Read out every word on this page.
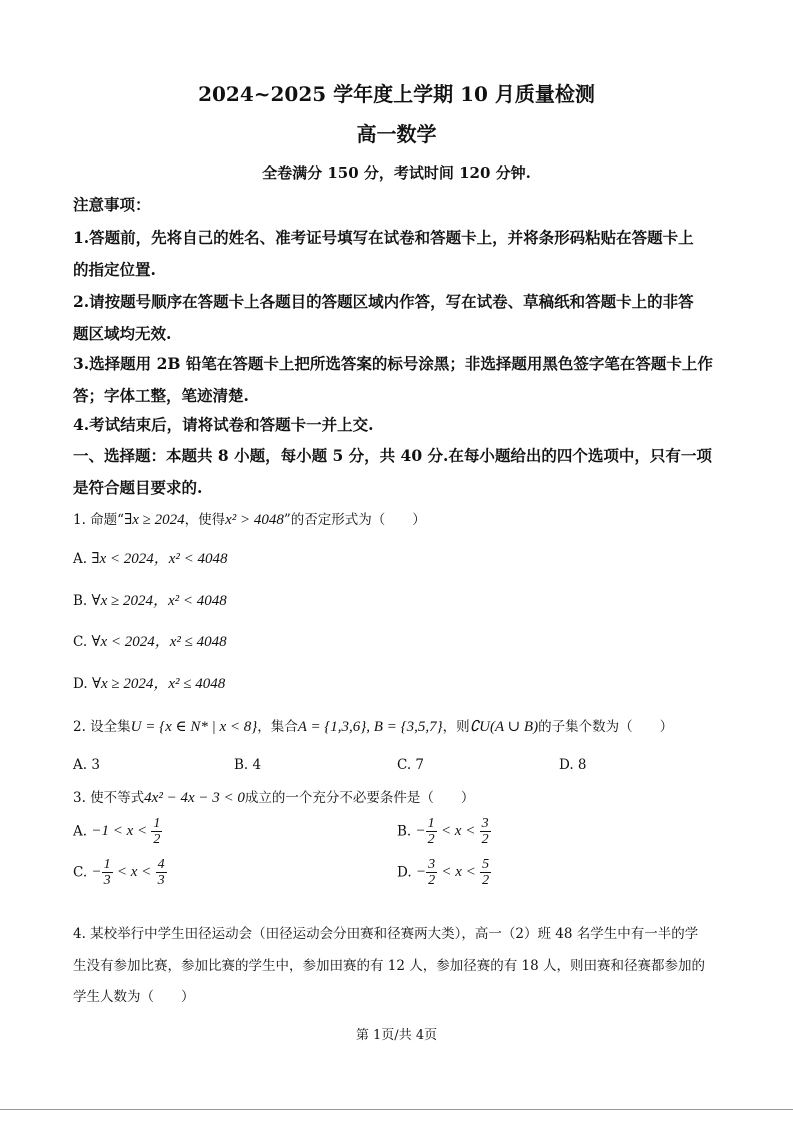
2024~2025 学年度上学期 10 月质量检测
高一数学
全卷满分 150 分，考试时间 120 分钟.
注意事项：
1.答题前，先将自己的姓名、准考证号填写在试卷和答题卡上，并将条形码粘贴在答题卡上
的指定位置.
2.请按题号顺序在答题卡上各题目的答题区域内作答，写在试卷、草稿纸和答题卡上的非答
题区域均无效.
3.选择题用 2B 铅笔在答题卡上把所选答案的标号涂黑；非选择题用黑色签字笔在答题卡上作
答；字体工整，笔迹清楚.
4.考试结束后，请将试卷和答题卡一并上交.
一、选择题：本题共 8 小题，每小题 5 分，共 40 分.在每小题给出的四个选项中，只有一项
是符合题目要求的.
1. 命题“∃x ≥ 2024，使得x² > 4048”的否定形式为（　　）
A. ∃x < 2024，x² < 4048
B. ∀x ≥ 2024，x² < 4048
C. ∀x < 2024，x² ≤ 4048
D. ∀x ≥ 2024，x² ≤ 4048
2. 设全集U = {x ∈ N* | x < 8}，集合A = {1,3,6}, B = {3,5,7}，则∁U(A ∪ B)的子集个数为（　　）
A. 3	B. 4	C. 7	D. 8
3. 使不等式4x² − 4x − 3 < 0成立的一个充分不必要条件是（　　）
A. $-1 < x < \frac{1}{2}$	B. − $\frac{1}{2} < x < \frac{3}{2}$
C. − $\frac{1}{3} < x < \frac{4}{3}$	D. − $\frac{3}{2} < x < \frac{5}{2}$
4. 某校举行中学生田径运动会（田径运动会分田赛和径赛两大类），高一（2）班 48 名学生中有一半的学
生没有参加比赛，参加比赛的学生中，参加田赛的有 12 人，参加径赛的有 18 人，则田赛和径赛都参加的
学生人数为（　　）
第 1页/共 4页
